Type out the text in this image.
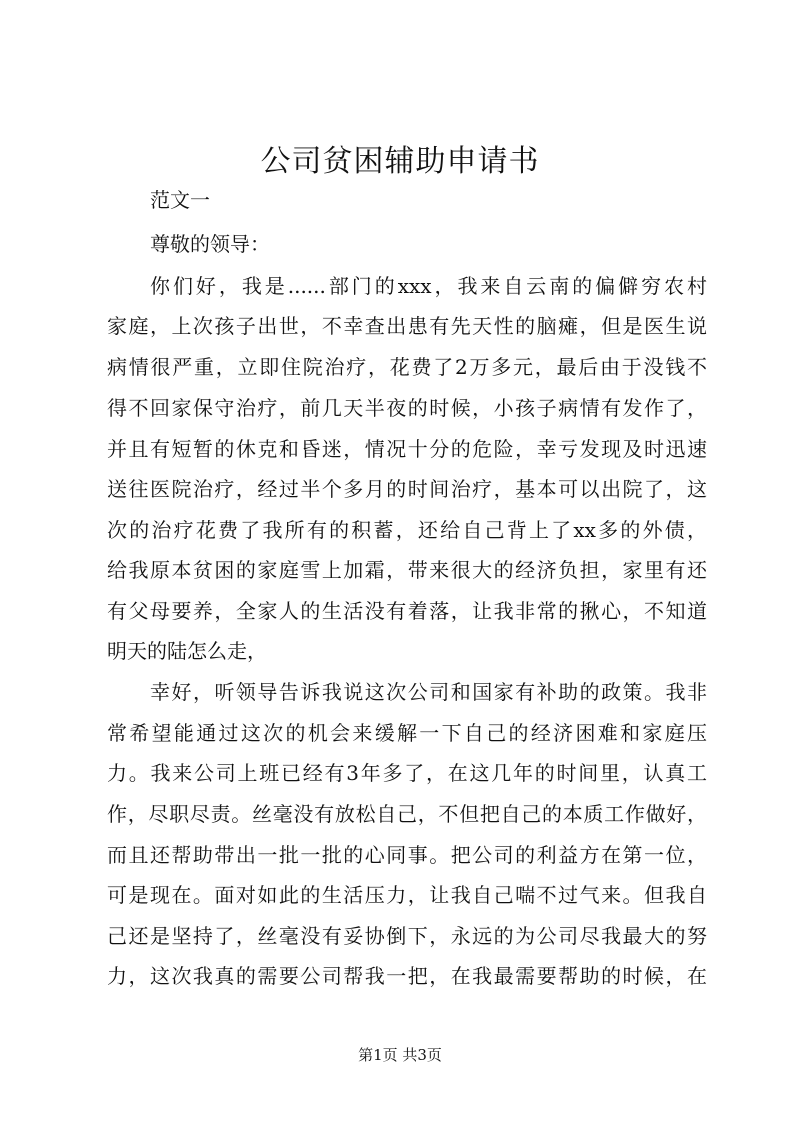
公司贫困辅助申请书

范文一

尊敬的领导：

你们好，我是......部门的xxx，我来自云南的偏僻穷农村

家庭，上次孩子出世，不幸查出患有先天性的脑瘫，但是医生说

病情很严重，立即住院治疗，花费了2万多元，最后由于没钱不

得不回家保守治疗，前几天半夜的时候，小孩子病情有发作了，

并且有短暂的休克和昏迷，情况十分的危险，幸亏发现及时迅速

送往医院治疗，经过半个多月的时间治疗，基本可以出院了，这

次的治疗花费了我所有的积蓄，还给自己背上了xx多的外债，

给我原本贫困的家庭雪上加霜，带来很大的经济负担，家里有还

有父母要养，全家人的生活没有着落，让我非常的揪心，不知道

明天的陆怎么走，

幸好，听领导告诉我说这次公司和国家有补助的政策。我非

常希望能通过这次的机会来缓解一下自己的经济困难和家庭压

力。我来公司上班已经有3年多了，在这几年的时间里，认真工

作，尽职尽责。丝毫没有放松自己，不但把自己的本质工作做好，

而且还帮助带出一批一批的心同事。把公司的利益方在第一位，

可是现在。面对如此的生活压力，让我自己喘不过气来。但我自

己还是坚持了，丝毫没有妥协倒下，永远的为公司尽我最大的努

力，这次我真的需要公司帮我一把，在我最需要帮助的时候，在

第1页 共3页
